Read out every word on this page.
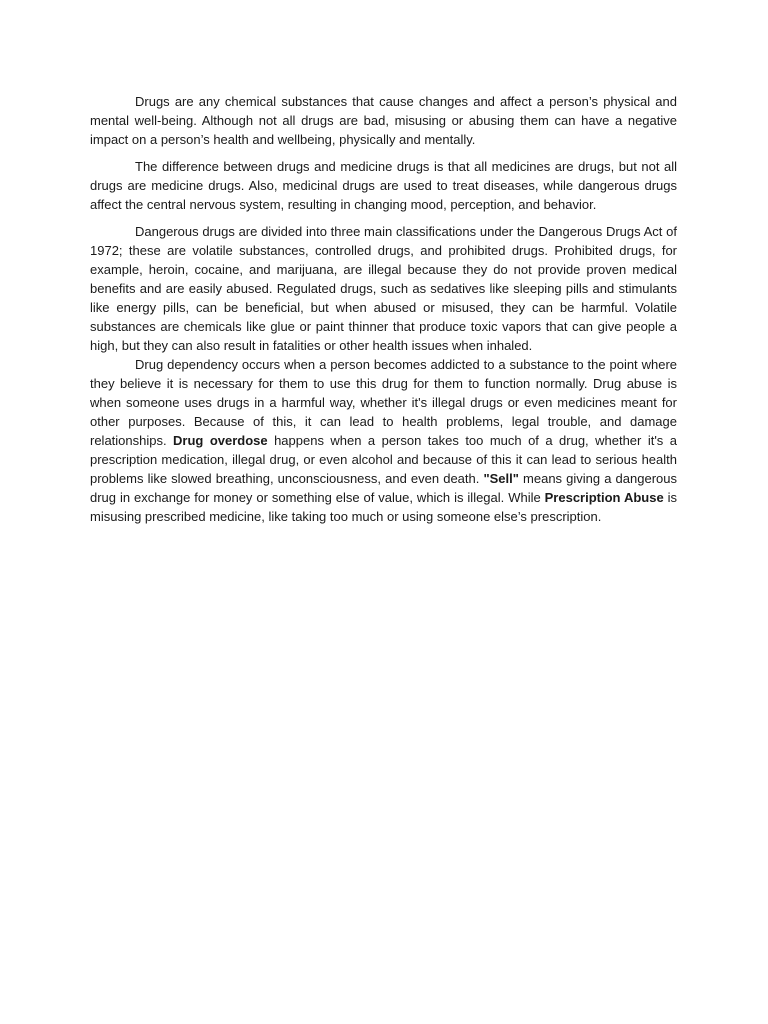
Drugs are any chemical substances that cause changes and affect a person’s physical and mental well-being. Although not all drugs are bad, misusing or abusing them can have a negative impact on a person’s health and wellbeing, physically and mentally.

The difference between drugs and medicine drugs is that all medicines are drugs, but not all drugs are medicine drugs. Also, medicinal drugs are used to treat diseases, while dangerous drugs affect the central nervous system, resulting in changing mood, perception, and behavior.

Dangerous drugs are divided into three main classifications under the Dangerous Drugs Act of 1972; these are volatile substances, controlled drugs, and prohibited drugs. Prohibited drugs, for example, heroin, cocaine, and marijuana, are illegal because they do not provide proven medical benefits and are easily abused. Regulated drugs, such as sedatives like sleeping pills and stimulants like energy pills, can be beneficial, but when abused or misused, they can be harmful. Volatile substances are chemicals like glue or paint thinner that produce toxic vapors that can give people a high, but they can also result in fatalities or other health issues when inhaled.

Drug dependency occurs when a person becomes addicted to a substance to the point where they believe it is necessary for them to use this drug for them to function normally. Drug abuse is when someone uses drugs in a harmful way, whether it's illegal drugs or even medicines meant for other purposes. Because of this, it can lead to health problems, legal trouble, and damage relationships. Drug overdose happens when a person takes too much of a drug, whether it's a prescription medication, illegal drug, or even alcohol and because of this it can lead to serious health problems like slowed breathing, unconsciousness, and even death. "Sell" means giving a dangerous drug in exchange for money or something else of value, which is illegal. While Prescription Abuse is misusing prescribed medicine, like taking too much or using someone else’s prescription.
